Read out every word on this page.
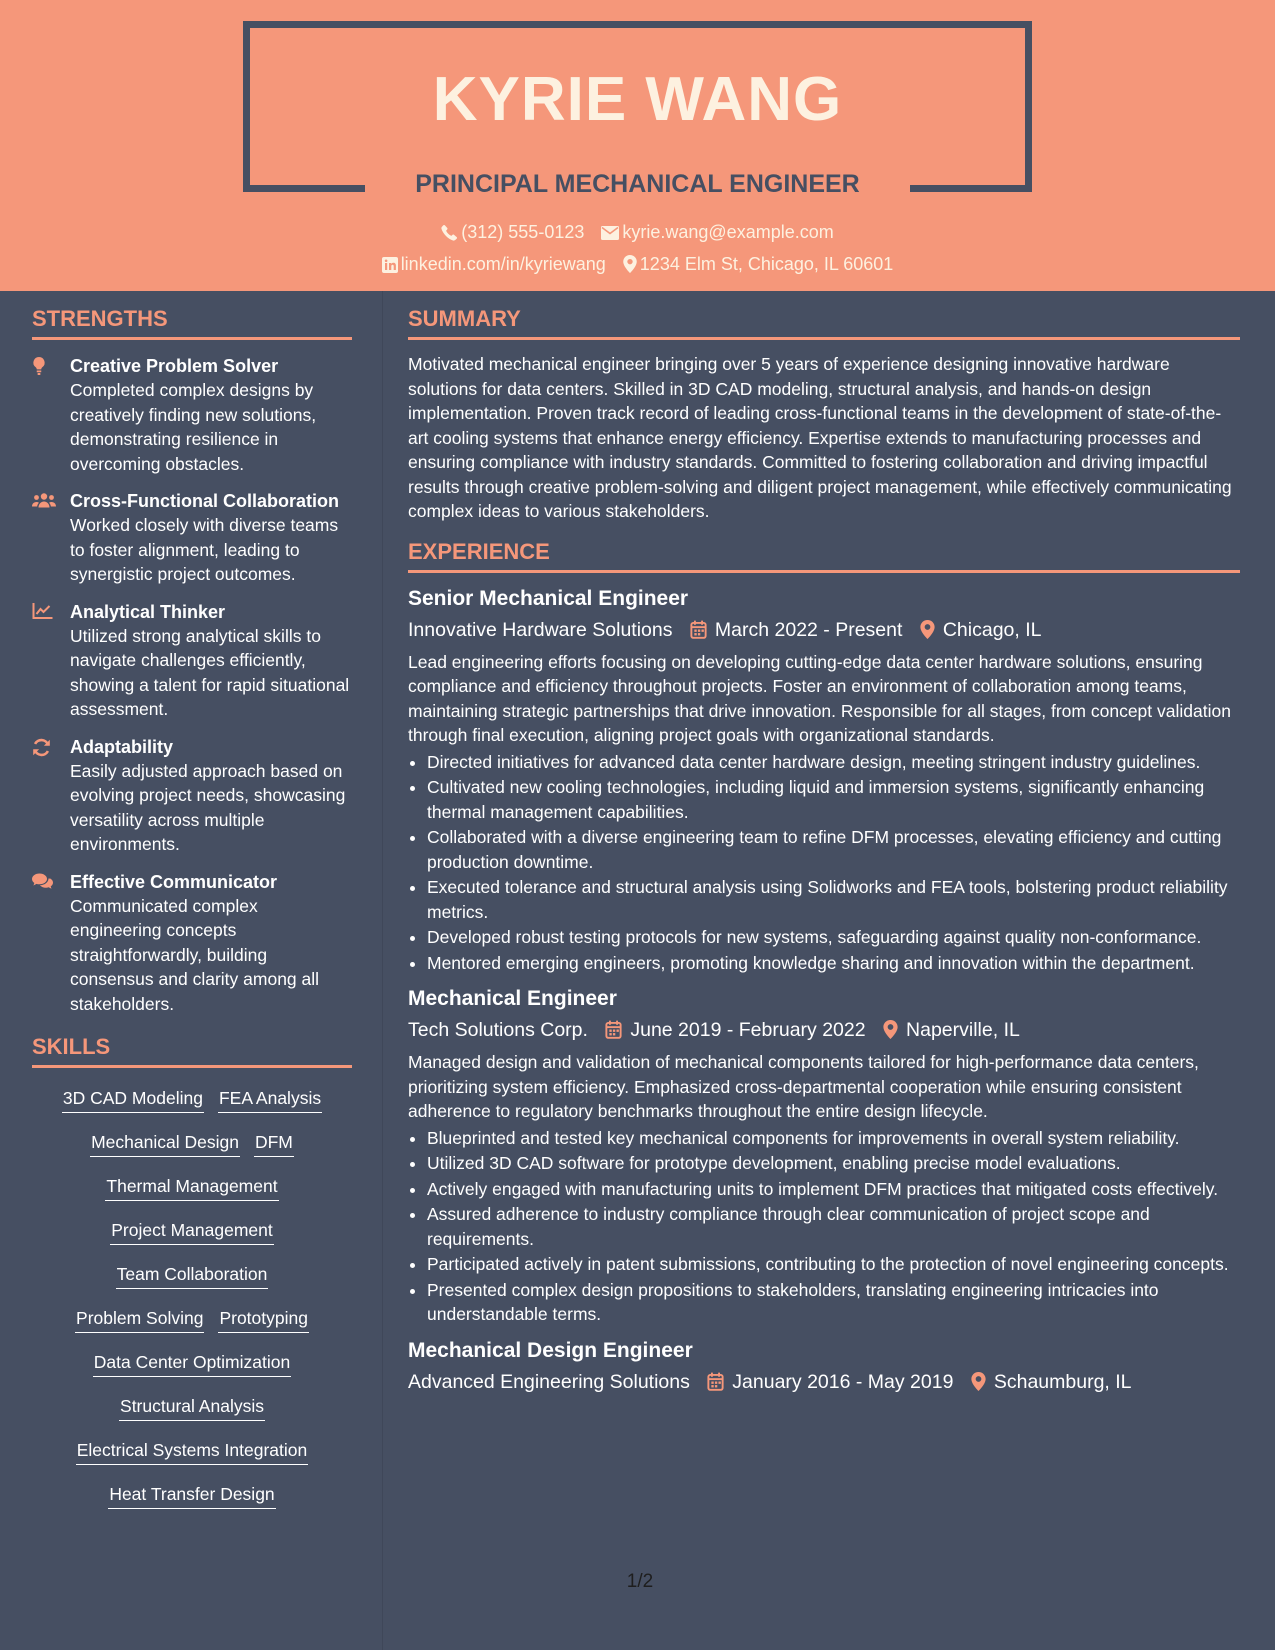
KYRIE WANG
PRINCIPAL MECHANICAL ENGINEER
(312) 555-0123 kyrie.wang@example.com
linkedin.com/in/kyriewang 1234 Elm St, Chicago, IL 60601
STRENGTHS
Creative Problem Solver
Completed complex designs by creatively finding new solutions, demonstrating resilience in overcoming obstacles.
Cross-Functional Collaboration
Worked closely with diverse teams to foster alignment, leading to synergistic project outcomes.
Analytical Thinker
Utilized strong analytical skills to navigate challenges efficiently, showing a talent for rapid situational assessment.
Adaptability
Easily adjusted approach based on evolving project needs, showcasing versatility across multiple environments.
Effective Communicator
Communicated complex engineering concepts straightforwardly, building consensus and clarity among all stakeholders.
SKILLS
3D CAD Modeling FEA Analysis
Mechanical Design DFM
Thermal Management
Project Management
Team Collaboration
Problem Solving Prototyping
Data Center Optimization
Structural Analysis
Electrical Systems Integration
Heat Transfer Design
SUMMARY
Motivated mechanical engineer bringing over 5 years of experience designing innovative hardware solutions for data centers. Skilled in 3D CAD modeling, structural analysis, and hands-on design implementation. Proven track record of leading cross-functional teams in the development of state-of-the-art cooling systems that enhance energy efficiency. Expertise extends to manufacturing processes and ensuring compliance with industry standards. Committed to fostering collaboration and driving impactful results through creative problem-solving and diligent project management, while effectively communicating complex ideas to various stakeholders.
EXPERIENCE
Senior Mechanical Engineer
Innovative Hardware Solutions March 2022 - Present Chicago, IL
Lead engineering efforts focusing on developing cutting-edge data center hardware solutions, ensuring compliance and efficiency throughout projects. Foster an environment of collaboration among teams, maintaining strategic partnerships that drive innovation. Responsible for all stages, from concept validation through final execution, aligning project goals with organizational standards.
• Directed initiatives for advanced data center hardware design, meeting stringent industry guidelines.
• Cultivated new cooling technologies, including liquid and immersion systems, significantly enhancing thermal management capabilities.
• Collaborated with a diverse engineering team to refine DFM processes, elevating efficiency and cutting production downtime.
• Executed tolerance and structural analysis using Solidworks and FEA tools, bolstering product reliability metrics.
• Developed robust testing protocols for new systems, safeguarding against quality non-conformance.
• Mentored emerging engineers, promoting knowledge sharing and innovation within the department.
Mechanical Engineer
Tech Solutions Corp. June 2019 - February 2022 Naperville, IL
Managed design and validation of mechanical components tailored for high-performance data centers, prioritizing system efficiency. Emphasized cross-departmental cooperation while ensuring consistent adherence to regulatory benchmarks throughout the entire design lifecycle.
• Blueprinted and tested key mechanical components for improvements in overall system reliability.
• Utilized 3D CAD software for prototype development, enabling precise model evaluations.
• Actively engaged with manufacturing units to implement DFM practices that mitigated costs effectively.
• Assured adherence to industry compliance through clear communication of project scope and requirements.
• Participated actively in patent submissions, contributing to the protection of novel engineering concepts.
• Presented complex design propositions to stakeholders, translating engineering intricacies into understandable terms.
Mechanical Design Engineer
Advanced Engineering Solutions January 2016 - May 2019 Schaumburg, IL
1/2
